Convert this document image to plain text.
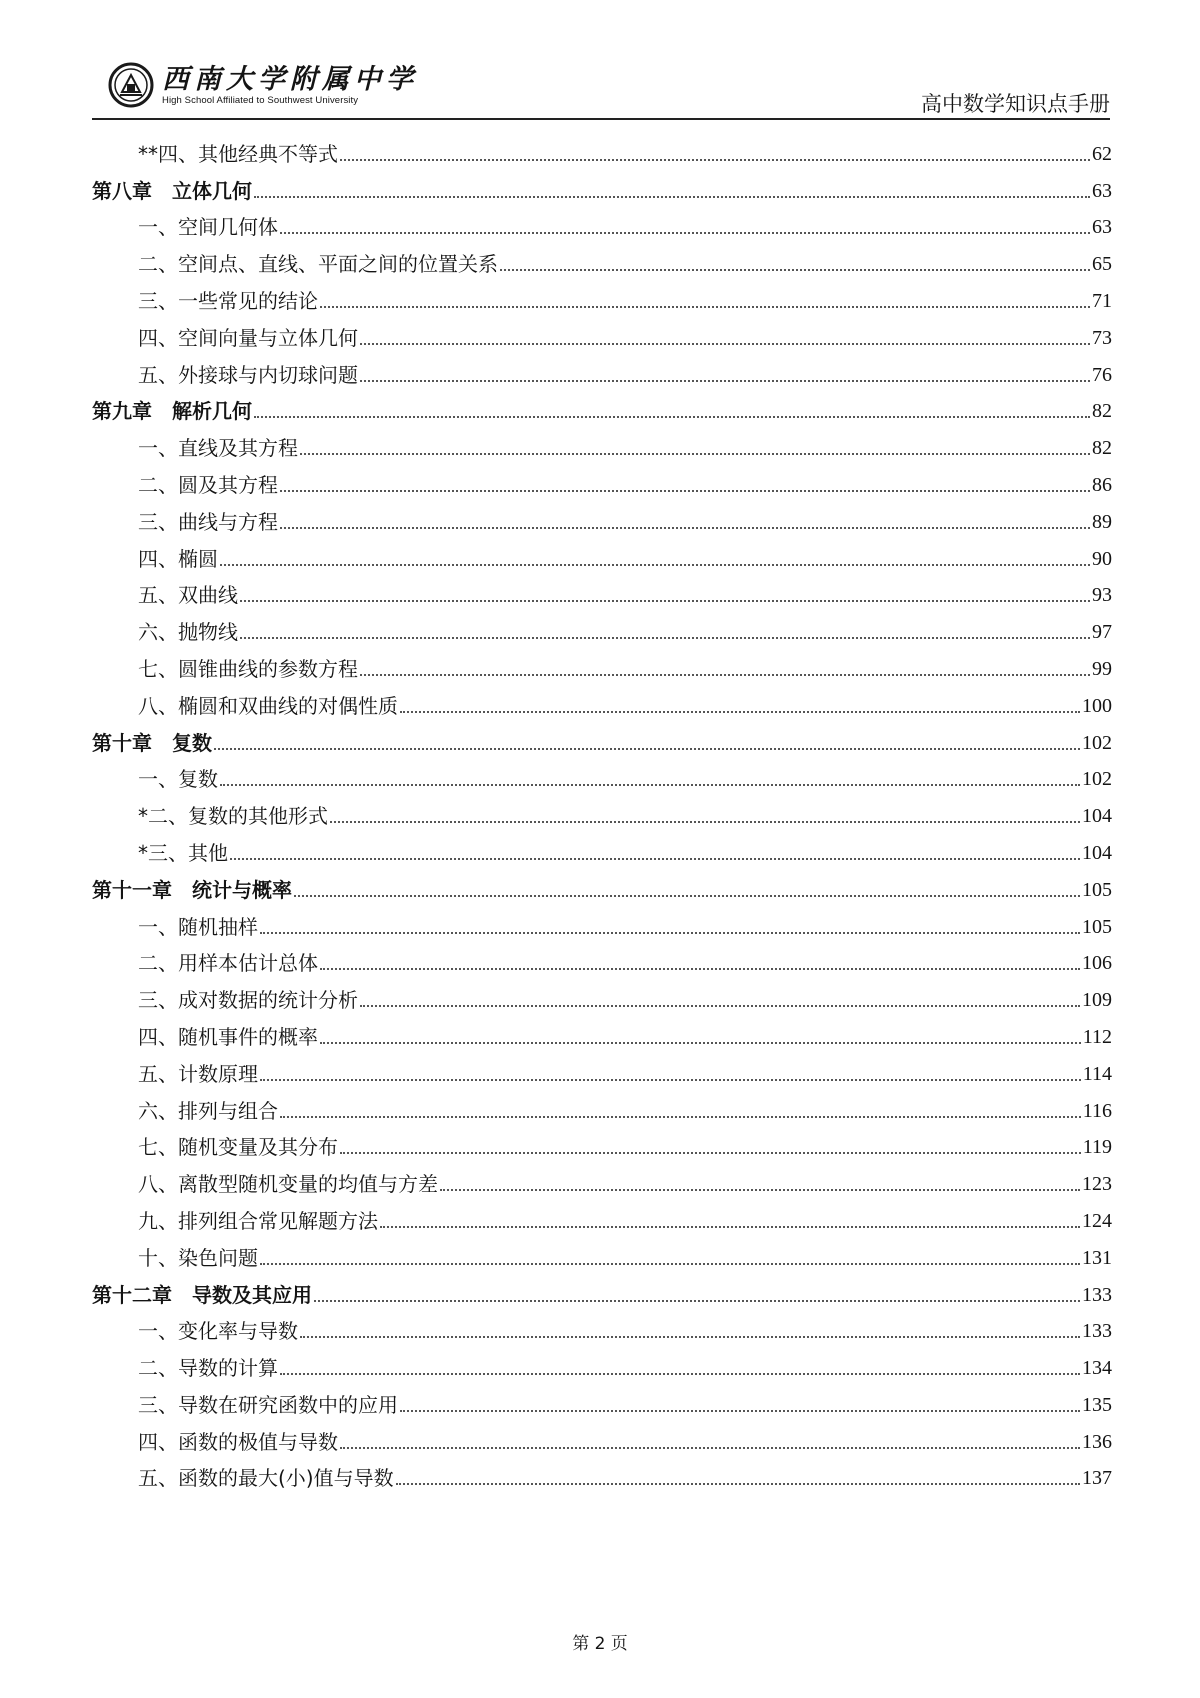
西南大学附属中学
High School Affiliated to Southwest University	高中数学知识点手册
**四、其他经典不等式	62
第八章　立体几何	63
一、空间几何体	63
二、空间点、直线、平面之间的位置关系	65
三、一些常见的结论	71
四、空间向量与立体几何	73
五、外接球与内切球问题	76
第九章　解析几何	82
一、直线及其方程	82
二、圆及其方程	86
三、曲线与方程	89
四、椭圆	90
五、双曲线	93
六、抛物线	97
七、圆锥曲线的参数方程	99
八、椭圆和双曲线的对偶性质	100
第十章　复数	102
一、复数	102
*二、复数的其他形式	104
*三、其他	104
第十一章　统计与概率	105
一、随机抽样	105
二、用样本估计总体	106
三、成对数据的统计分析	109
四、随机事件的概率	112
五、计数原理	114
六、排列与组合	116
七、随机变量及其分布	119
八、离散型随机变量的均值与方差	123
九、排列组合常见解题方法	124
十、染色问题	131
第十二章　导数及其应用	133
一、变化率与导数	133
二、导数的计算	134
三、导数在研究函数中的应用	135
四、函数的极值与导数	136
五、函数的最大(小)值与导数	137
第 2 页
